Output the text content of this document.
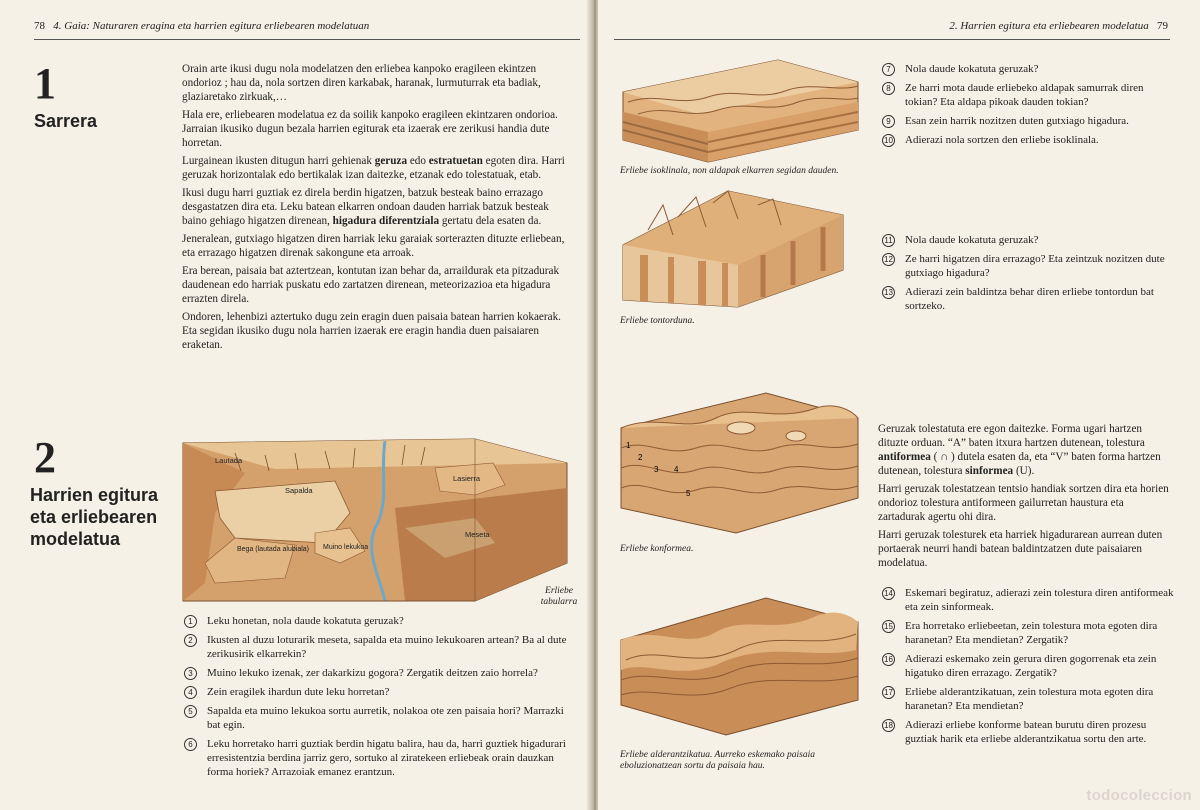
78 4. Gaia: Naturaren eragina eta harrien egitura erliebearen modelatuan
1
Sarrera

Orain arte ikusi dugu nola modelatzen den erliebea kanpoko eragileen ekintzen ondorioz ; hau da, nola sortzen diren karkabak, haranak, lurmuturrak eta badiak, glaziaretako zirkuak,…

Hala ere, erliebearen modelatua ez da soilik kanpoko eragileen ekintzaren ondorioa. Jarraian ikusiko dugun bezala harrien egiturak eta izaerak ere zerikusi handia dute horretan.

Lurgainean ikusten ditugun harri gehienak geruza edo estratuetan egoten dira. Harri geruzak horizontalak edo bertikalak izan daitezke, etzanak edo tolestatuak, etab.

Ikusi dugu harri guztiak ez direla berdin higatzen, batzuk besteak baino errazago desgastatzen dira eta. Leku batean elkarren ondoan dauden harriak batzuk besteak baino gehiago higatzen direnean, higadura diferentziala gertatu dela esaten da.

Jeneralean, gutxiago higatzen diren harriak leku garaiak sorterazten dituzte erliebean, eta errazago higatzen direnak sakongune eta arroak.

Era berean, paisaia bat aztertzean, kontutan izan behar da, arraildurak eta pitzadurak daudenean edo harriak puskatu edo zartatzen direnean, meteorizazioa eta higadura errazten direla.

Ondoren, lehenbizi aztertuko dugu zein eragin duen paisaia batean harrien kokaerak. Eta segidan ikusiko dugu nola harrien izaerak ere eragin handia duen paisaiaren eraketan.

2
Harrien egitura
eta erliebearen
modelatua
Lautada
Sapalda
Lasierra
Meseta
Bega (lautada alubiala) Muino lekukoa
Erliebe tabularra
1	Leku honetan, nola daude kokatuta geruzak?
2	Ikusten al duzu loturarik meseta, sapalda eta muino lekukoaren artean? Ba al dute zerikusirik elkarrekin?
3	Muino lekuko izenak, zer dakarkizu gogora? Zergatik deitzen zaio horrela?
4	Zein eragilek ihardun dute leku horretan?
5	Sapalda eta muino lekukoa sortu aurretik, nolakoa ote zen paisaia hori? Marrazki bat egin.
6	Leku horretako harri guztiak berdin higatu balira, hau da, harri guztiek higadurari erresistentzia berdina jarriz gero, sortuko al ziratekeen erliebeak orain dauzkan forma horiek? Arrazoiak emanez erantzun.
2. Harrien egitura eta erliebearen modelatua 79
Erliebe isoklinala, non aldapak elkarren segidan dauden.
Erliebe tontorduna.
1
2
3 4
5
Erliebe konformea.
Erliebe alderantzikatua. Aurreko eskemako paisaia eboluzionatzean sortu da paisaia hau.
7	Nola daude kokatuta geruzak?
8	Ze harri mota daude erliebeko aldapak samurrak diren tokian? Eta aldapa pikoak dauden tokian?
9	Esan zein harrik nozitzen duten gutxiago higadura.
10 Adierazi nola sortzen den erliebe isoklinala.
11 Nola daude kokatuta geruzak?
12 Ze harri higatzen dira errazago? Eta zeintzuk nozitzen dute gutxiago higadura?
13 Adierazi zein baldintza behar diren erliebe tontordun bat sortzeko.

Geruzak tolestatuta ere egon daitezke. Forma ugari hartzen dituzte orduan. “A” baten itxura hartzen dutenean, tolestura antiformea ( ∩ ) dutela esaten da, eta “V” baten forma hartzen dutenean, tolestura sinformea (U).

Harri geruzak tolestatzean tentsio handiak sortzen dira eta horien ondorioz tolestura antiformeen gailurretan haustura eta zartadurak agertu ohi dira.

Harri geruzak tolesturek eta harriek higadurarean aurrean duten portaerak neurri handi batean baldintzatzen dute paisaiaren modelatua.

14 Eskemari begiratuz, adierazi zein tolestura diren antiformeak eta zein sinformeak.
15 Era horretako erliebeetan, zein tolestura mota egoten dira haranetan? Eta mendietan? Zergatik?
16 Adierazi eskemako zein gerura diren gogorrenak eta zein higatuko diren errazago. Zergatik?
17 Erliebe alderantzikatuan, zein tolestura mota egoten dira haranetan? Eta mendietan?
18 Adierazi erliebe konforme batean burutu diren prozesu guztiak harik eta erliebe alderantzikatua sortu den arte.
todocoleccion
